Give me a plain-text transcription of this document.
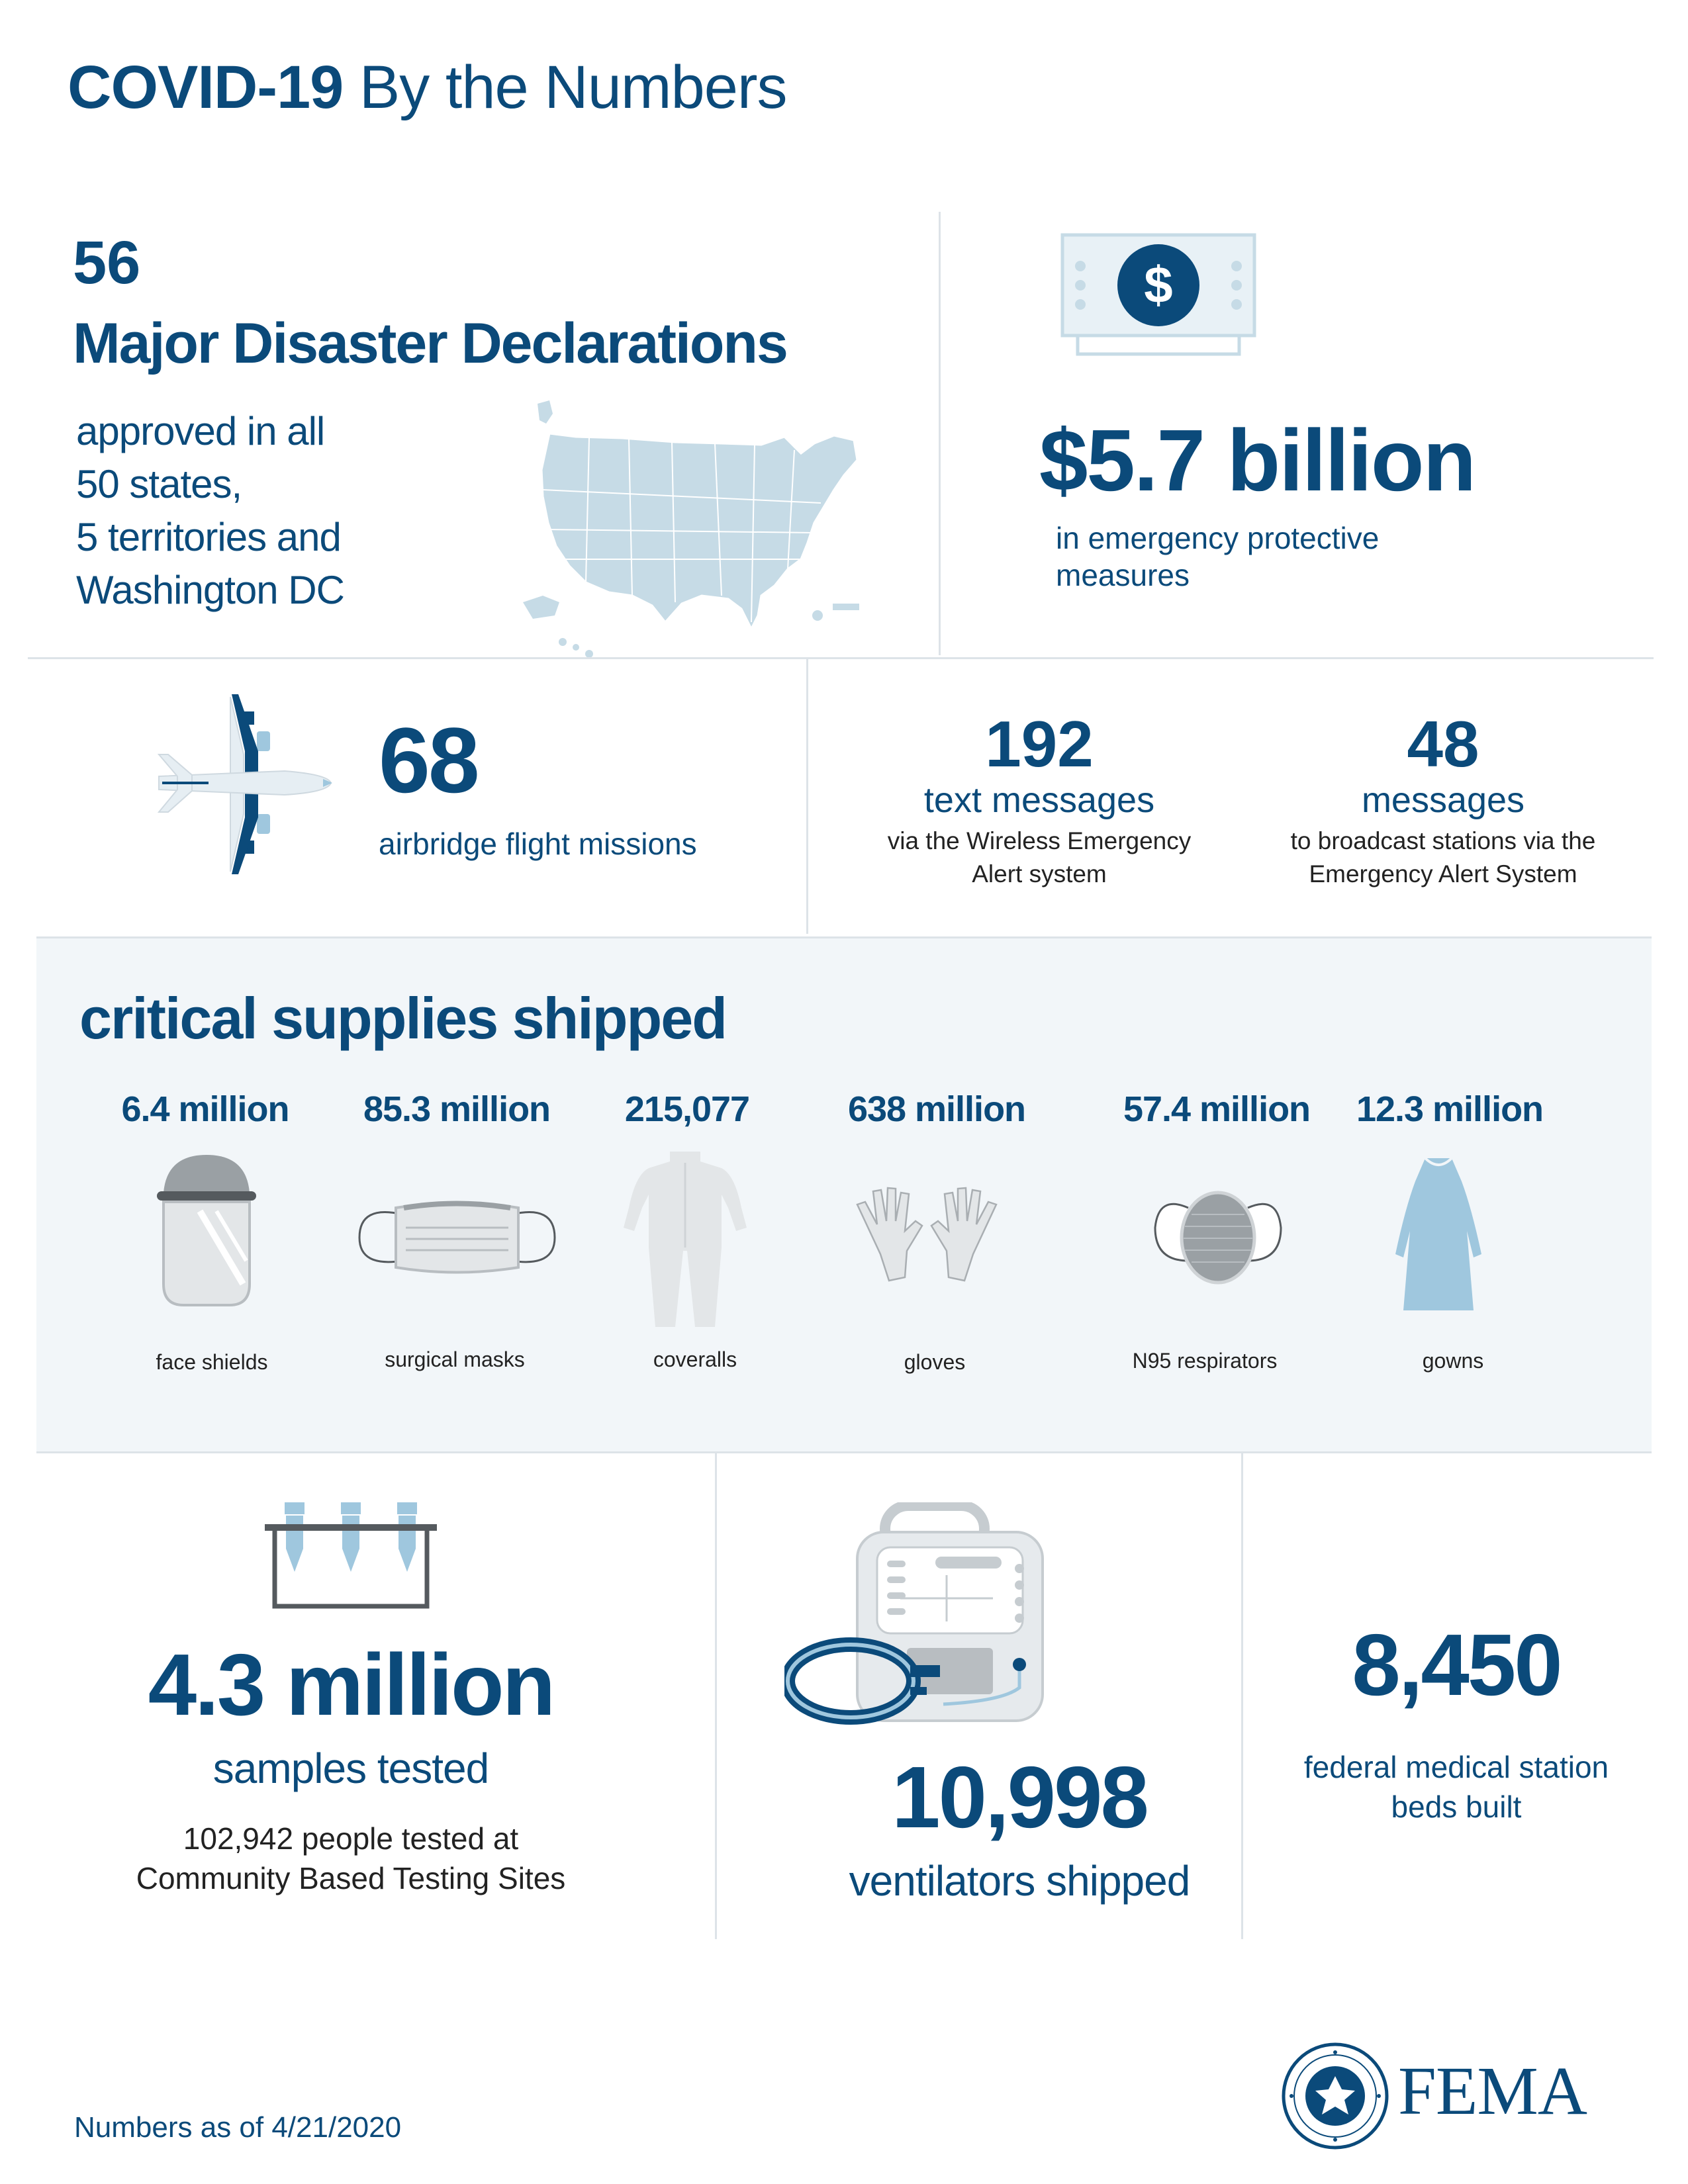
COVID-19 By the Numbers
56
Major Disaster Declarations
approved in all
50 states,
5 territories and
Washington DC
$
$5.7 billion
in emergency protective
measures
68
airbridge flight missions
192
text messages
via the Wireless Emergency
Alert system
48
messages
to broadcast stations via the
Emergency Alert System
critical supplies shipped
6.4 million	85.3 million	215,077	638 million	57.4 million	12.3 million
face shields	surgical masks	coveralls	gloves	N95 respirators	gowns
4.3 million
samples tested
102,942 people tested at
Community Based Testing Sites
10,998
ventilators shipped
8,450
federal medical station
beds built
Numbers as of 4/21/2020	FEMA
